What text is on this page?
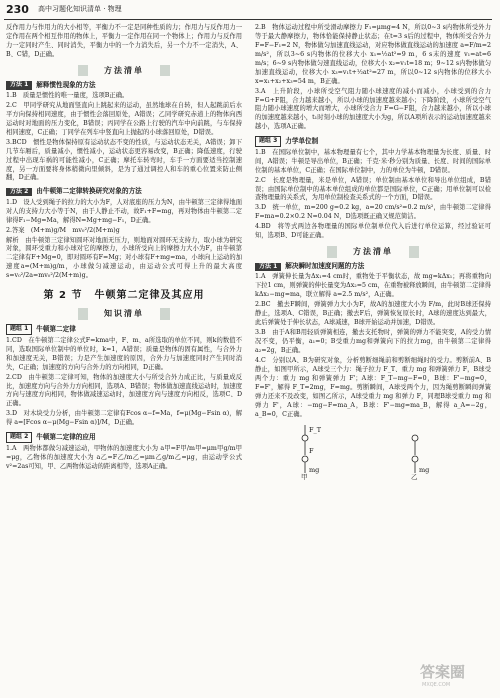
230 高中习题化知识清单 · 物理

反作用力与作用力的大小相等，平衡力不一定是同种性质的力；作用力与反作用力一定作用在两个相互作用的物体上，平衡力一定作用在同一个物体上；作用力与反作用力一定同时产生、同时消失，平衡力中的一个力消失后，另一个力不一定消失，A、B、C错，D正确。

方法清单
方法 1	解释惯性现象的方法

1.B　质量是惯性的唯一量度，选项B正确。

2.C　甲同学研究从地面竖直向上跳起来的运动，虽然地球在自转，但人起跳前后水平方向保持相同速度，由于惯性会落回原处，A错误；乙同学研究赤道上的物体向西运动时对地面的压力变化，B错误；丙同学在公路上行驶的汽车中向前跳，与车保持相同速度，C正确；丁同学在列车中竖直向上抛起的小球落回原处，D错误。

3.BCD　惯性是物体保持原有运动状态不变的性质，与运动状态无关，A错误；卸下几节车厢后，质量减小，惯性减小，运动状态更容易改变，B正确；降低速度，行驶过程中出现车祸的可能性减小，C正确；摩托车转弯时，车手一方面要适当控制速度，另一方面要将身体稍微向里倾斜，是为了通过调控人和车的重心位置来防止侧翻，D正确。

方法 2	由牛顿第二定律转换研究对象的方法

1.D　设人受到绳子的拉力的大小为F，人对底座的压力为N，由牛顿第三定律得地面对人的支持力大小等于N，由于人静止不动，故F₁+F=mg，再对物体由牛顿第二定律得F₁−Mg=Ma，解得N=Mg+mg−F₁，D正确。

2.答案　(M+m)g/M　mv₀²/2(M+m)g

解析　由牛顿第三定律知圆环对地面无压力，则地面对圆环无支持力，取小球为研究对象，圆环受重力和小球对它的摩擦力，小球所受向上的摩擦力大小为F，由牛顿第二定律有F+Mg=0，即对圆环有F=Mg；对小球有F+mg=ma，小球向上运动的加速度a=(M+m)g/m，小球做匀减速运动，由运动公式可得上升的最大高度 s=v₀²/2a=mv₀²/2(M+m)g。

第 2 节 牛顿第二定律及其应用
知识清单
题组 1	牛顿第二定律

1.CD　在牛顿第二定律公式F=kma中，F、m、a所选取的单位不同，则k的数值不同，选取国际单位制中的单位时，k=1，A错误；质量是物体的固有属性，与合外力和加速度无关，B错误；力是产生加速度的原因，合外力与加速度同时产生同时消失，C正确；加速度的方向与合外力的方向相同，D正确。

2.CD　由牛顿第二定律可知，物体的加速度大小与所受合外力成正比，与质量成反比，加速度方向与合外力方向相同，选项A、B错误；物体做加速直线运动时，加速度方向与速度方向相同，物体做减速运动时，加速度方向与速度方向相反，选项C、D正确。

3.D　对木块受力分析，由牛顿第二定律有Fcos α−f=Ma，f=μ(Mg−Fsin α)，解得 a=[Fcos α−μ(Mg−Fsin α)]/M，D正确。

题组 2	牛顿第二定律的应用

1.A　两物体都做匀减速运动，甲物体的加速度大小为 a甲=F甲/m甲=μm甲g/m甲=μg，乙物体的加速度大小为 a乙=F乙/m乙=μm乙g/m乙=μg，由运动学公式 v²=2as可知，甲、乙两物体运动的距离相等，选项A正确。

2.B　物体运动过程中所受滑动摩擦力 F₁=μmg=4 N，所以0~3 s内物体所受外力等于最大静摩擦力，物体恰能保持静止状态；在t=3 s后的过程中，物体所受合外力F=F−F₁=2 N，物体做匀加速直线运动，对应物体做直线运动的加速度 a=F/m=2 m/s²，所以3~6 s内物体的位移大小 x₁=½at²=9 m，6 s末的速度 v₁=at=6 m/s；6~9 s内物体做匀速直线运动，位移大小 x₂=v₁t=18 m；9~12 s内物体做匀加速直线运动，位移大小 x₃=v₁t+½at²=27 m，所以0~12 s内物体的位移大小 x=x₁+x₂+x₃=54 m，B正确。

3.A　上升阶段，小球所受空气阻力随小球速度的减小而减小，小球受到的合力F=G+F阻，合力越来越小，所以小球的加速度越来越小；下降阶段，小球所受空气阻力随小球速度的增大而增大，小球所受合力 F=G−F阻，合力越来越小，所以小球的加速度越来越小，t₁时刻小球的加速度大小为g，所以A项所表示的运动加速度越来越小，选项A正确。

题组 3	力学单位制

1.B　在国际单位制中，基本物理量有七个，其中力学基本物理量为长度、质量、时间，A错误；牛顿是导出单位，B正确；千克·米·秒分别为质量、长度、时间的国际单位制的基本单位，C正确；在国际单位制中，力的单位为牛顿，D错误。

2.C　长度是物理量，米是单位，A错误；单位制由基本单位和导出单位组成，B错误；由国际单位制中的基本单位组成的单位都是国际单位，C正确；用单位制可以检查物理量的关系式，为用单位制检查关系式的一个方面，D错误。

3.D　统一单位，m=200 g=0.2 kg，a=20 cm/s²=0.2 m/s²，由牛顿第二定律得 F=ma=0.2×0.2 N=0.04 N，D选项既正确又规范简洁。

4.BD　将等式两边各物理量的国际单位制单位代入后进行单位运算，经过验证可知，选项B、D可能正确。

方法清单
方法 1	解决瞬时加速度问题的方法

1.A　弹簧伸长量为Δx₁=4 cm时，重物处于平衡状态，故 mg=kΔx₁；再将重物向下拉1 cm，则弹簧的伸长量变为Δx₂=5 cm，在重物被释放瞬间，由牛顿第二定律得 kΔx₂−mg=ma，联立解得 a=2.5 m/s²，A正确。

2.BC　撤去F瞬间，弹簧弹力大小为F，故A的加速度大小为 F/m，此时B球还保持静止，选项A、C错误，B正确；撤去F后，弹簧恢复原长时，A球的速度达到最大，此后弹簧处于伸长状态，A球减速，B球开始运动并加速，D错误。

3.B　由于A和B用轻质弹簧相连，撤去支托物时，弹簧的弹力不能突变，A的受力情况不变，仍平衡，a₁=0；B受重力mg和弹簧向下的拉力mg，由牛顿第二定律得 a₂=2g，B正确。

4.C　分别以A、B为研究对象，分析剪断细绳前和剪断细绳时的受力。剪断前A、B静止，如图甲所示，A球受三个力：绳子拉力 F_T、重力 mg 和弹簧弹力 F，B球受两个力：重力 mg 和弹簧弹力 F'；A球：F_T−mg−F=0，B球：F'−mg=0，F=F'，解得 F_T=2mg，F=mg。剪断瞬间，A球受两个力，因为绳剪断瞬间弹簧弹力还来不及改变，如图乙所示，A球受重力 mg 和弹力 F，同理B球受重力 mg 和弹力 F'，A球：−mg−F=ma_A，B球：F'−mg=ma_B，解得 a_A=−2g，a_B=0，C正确。

F_T
F
mg
甲
mg
乙
答案圈
MXQE.COM
